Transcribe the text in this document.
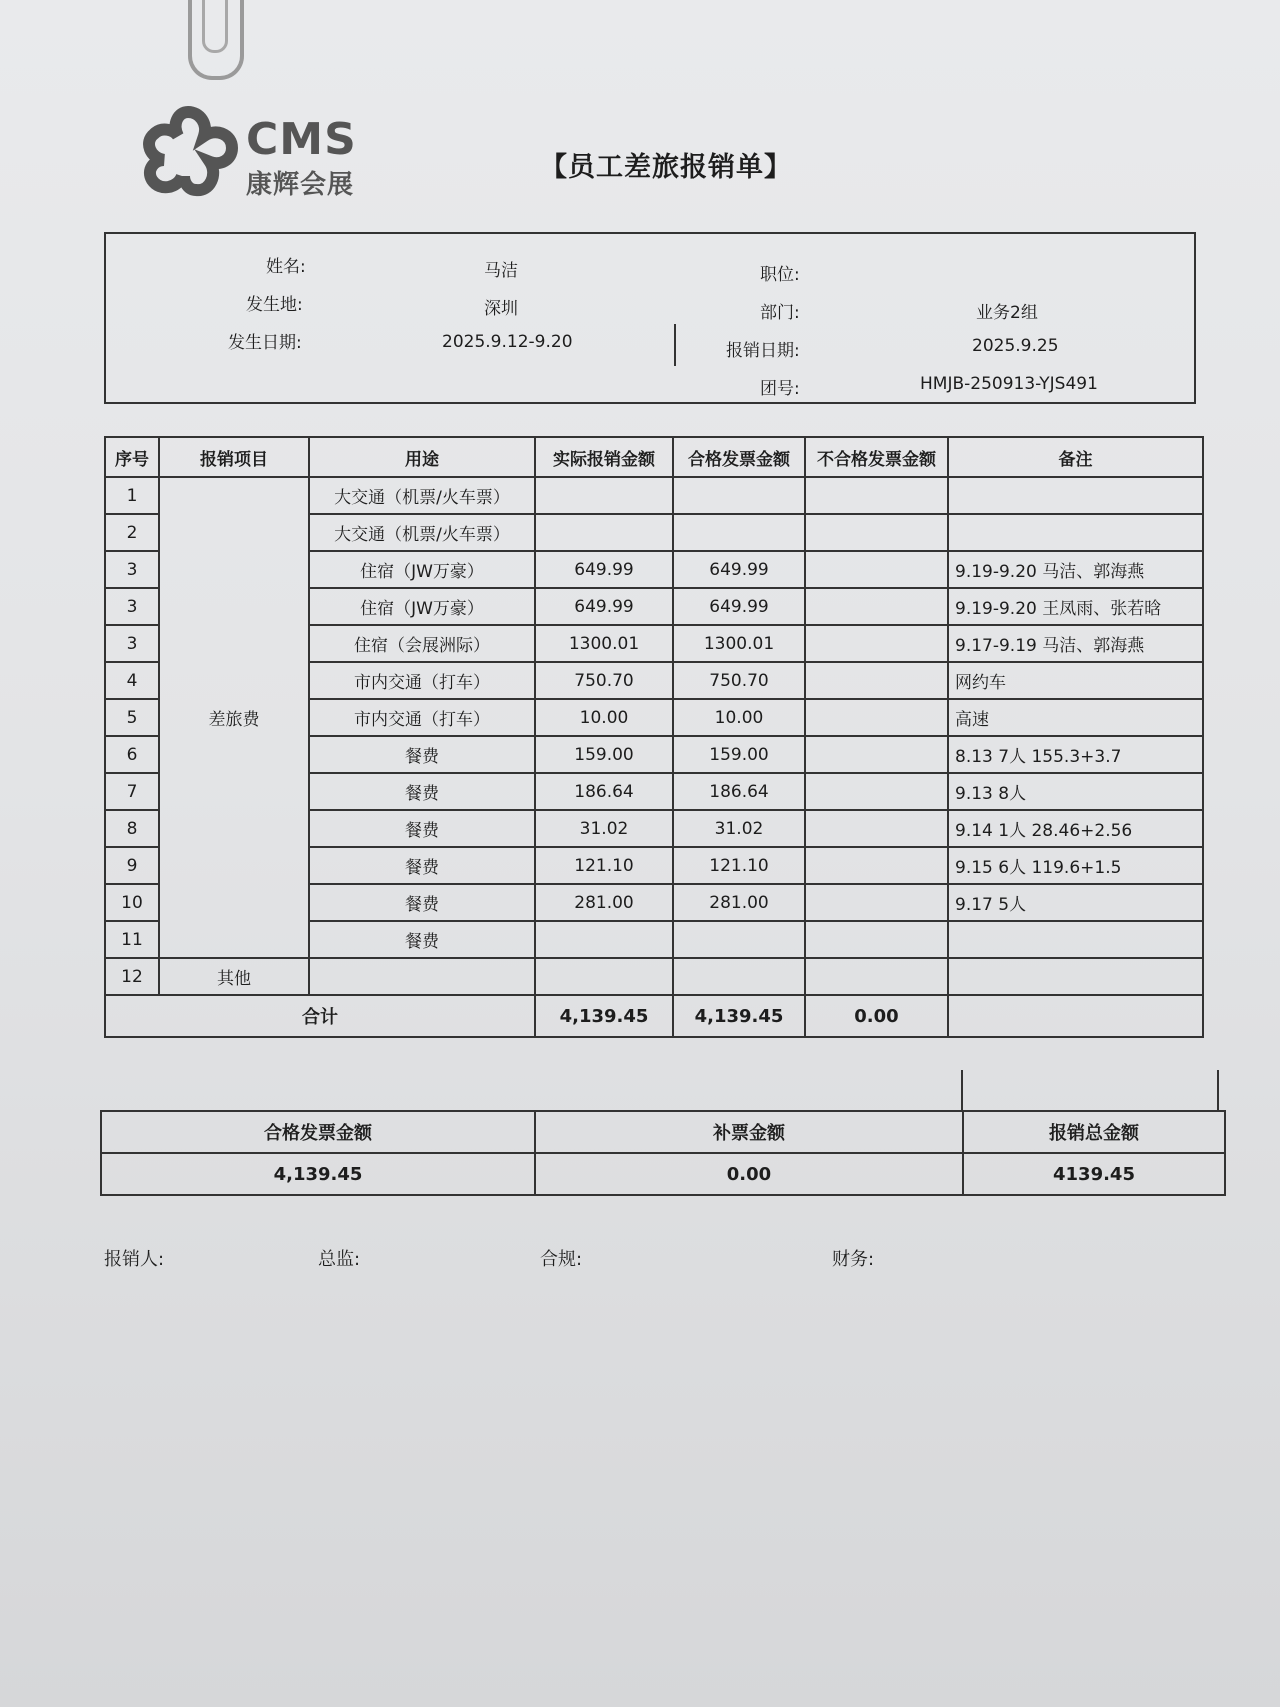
CMS
康辉会展
【员工差旅报销单】
姓名:	马洁
发生地:	深圳
发生日期:	2025.9.12-9.20
职位:
部门:	业务2组
报销日期:	2025.9.25
团号:	HMJB-250913-YJS491
序号	报销项目	用途	实际报销金额	合格发票金额	不合格发票金额	备注
1	差旅费	大交通（机票/火车票）				
2		大交通（机票/火车票）				
3		住宿（JW万豪）	649.99	649.99		9.19-9.20 马洁、郭海燕
3		住宿（JW万豪）	649.99	649.99		9.19-9.20 王凤雨、张若晗
3		住宿（会展洲际）	1300.01	1300.01		9.17-9.19 马洁、郭海燕
4		市内交通（打车）	750.70	750.70		网约车
5		市内交通（打车）	10.00	10.00		高速
6		餐费	159.00	159.00		8.13 7人 155.3+3.7
7		餐费	186.64	186.64		9.13 8人
8		餐费	31.02	31.02		9.14 1人 28.46+2.56
9		餐费	121.10	121.10		9.15 6人 119.6+1.5
10		餐费	281.00	281.00		9.17 5人
11		餐费				
12	其他					
合计			4,139.45	4,139.45	0.00	
合格发票金额	补票金额	报销总金额
4,139.45	0.00	4139.45
报销人:	总监:	合规:	财务:
